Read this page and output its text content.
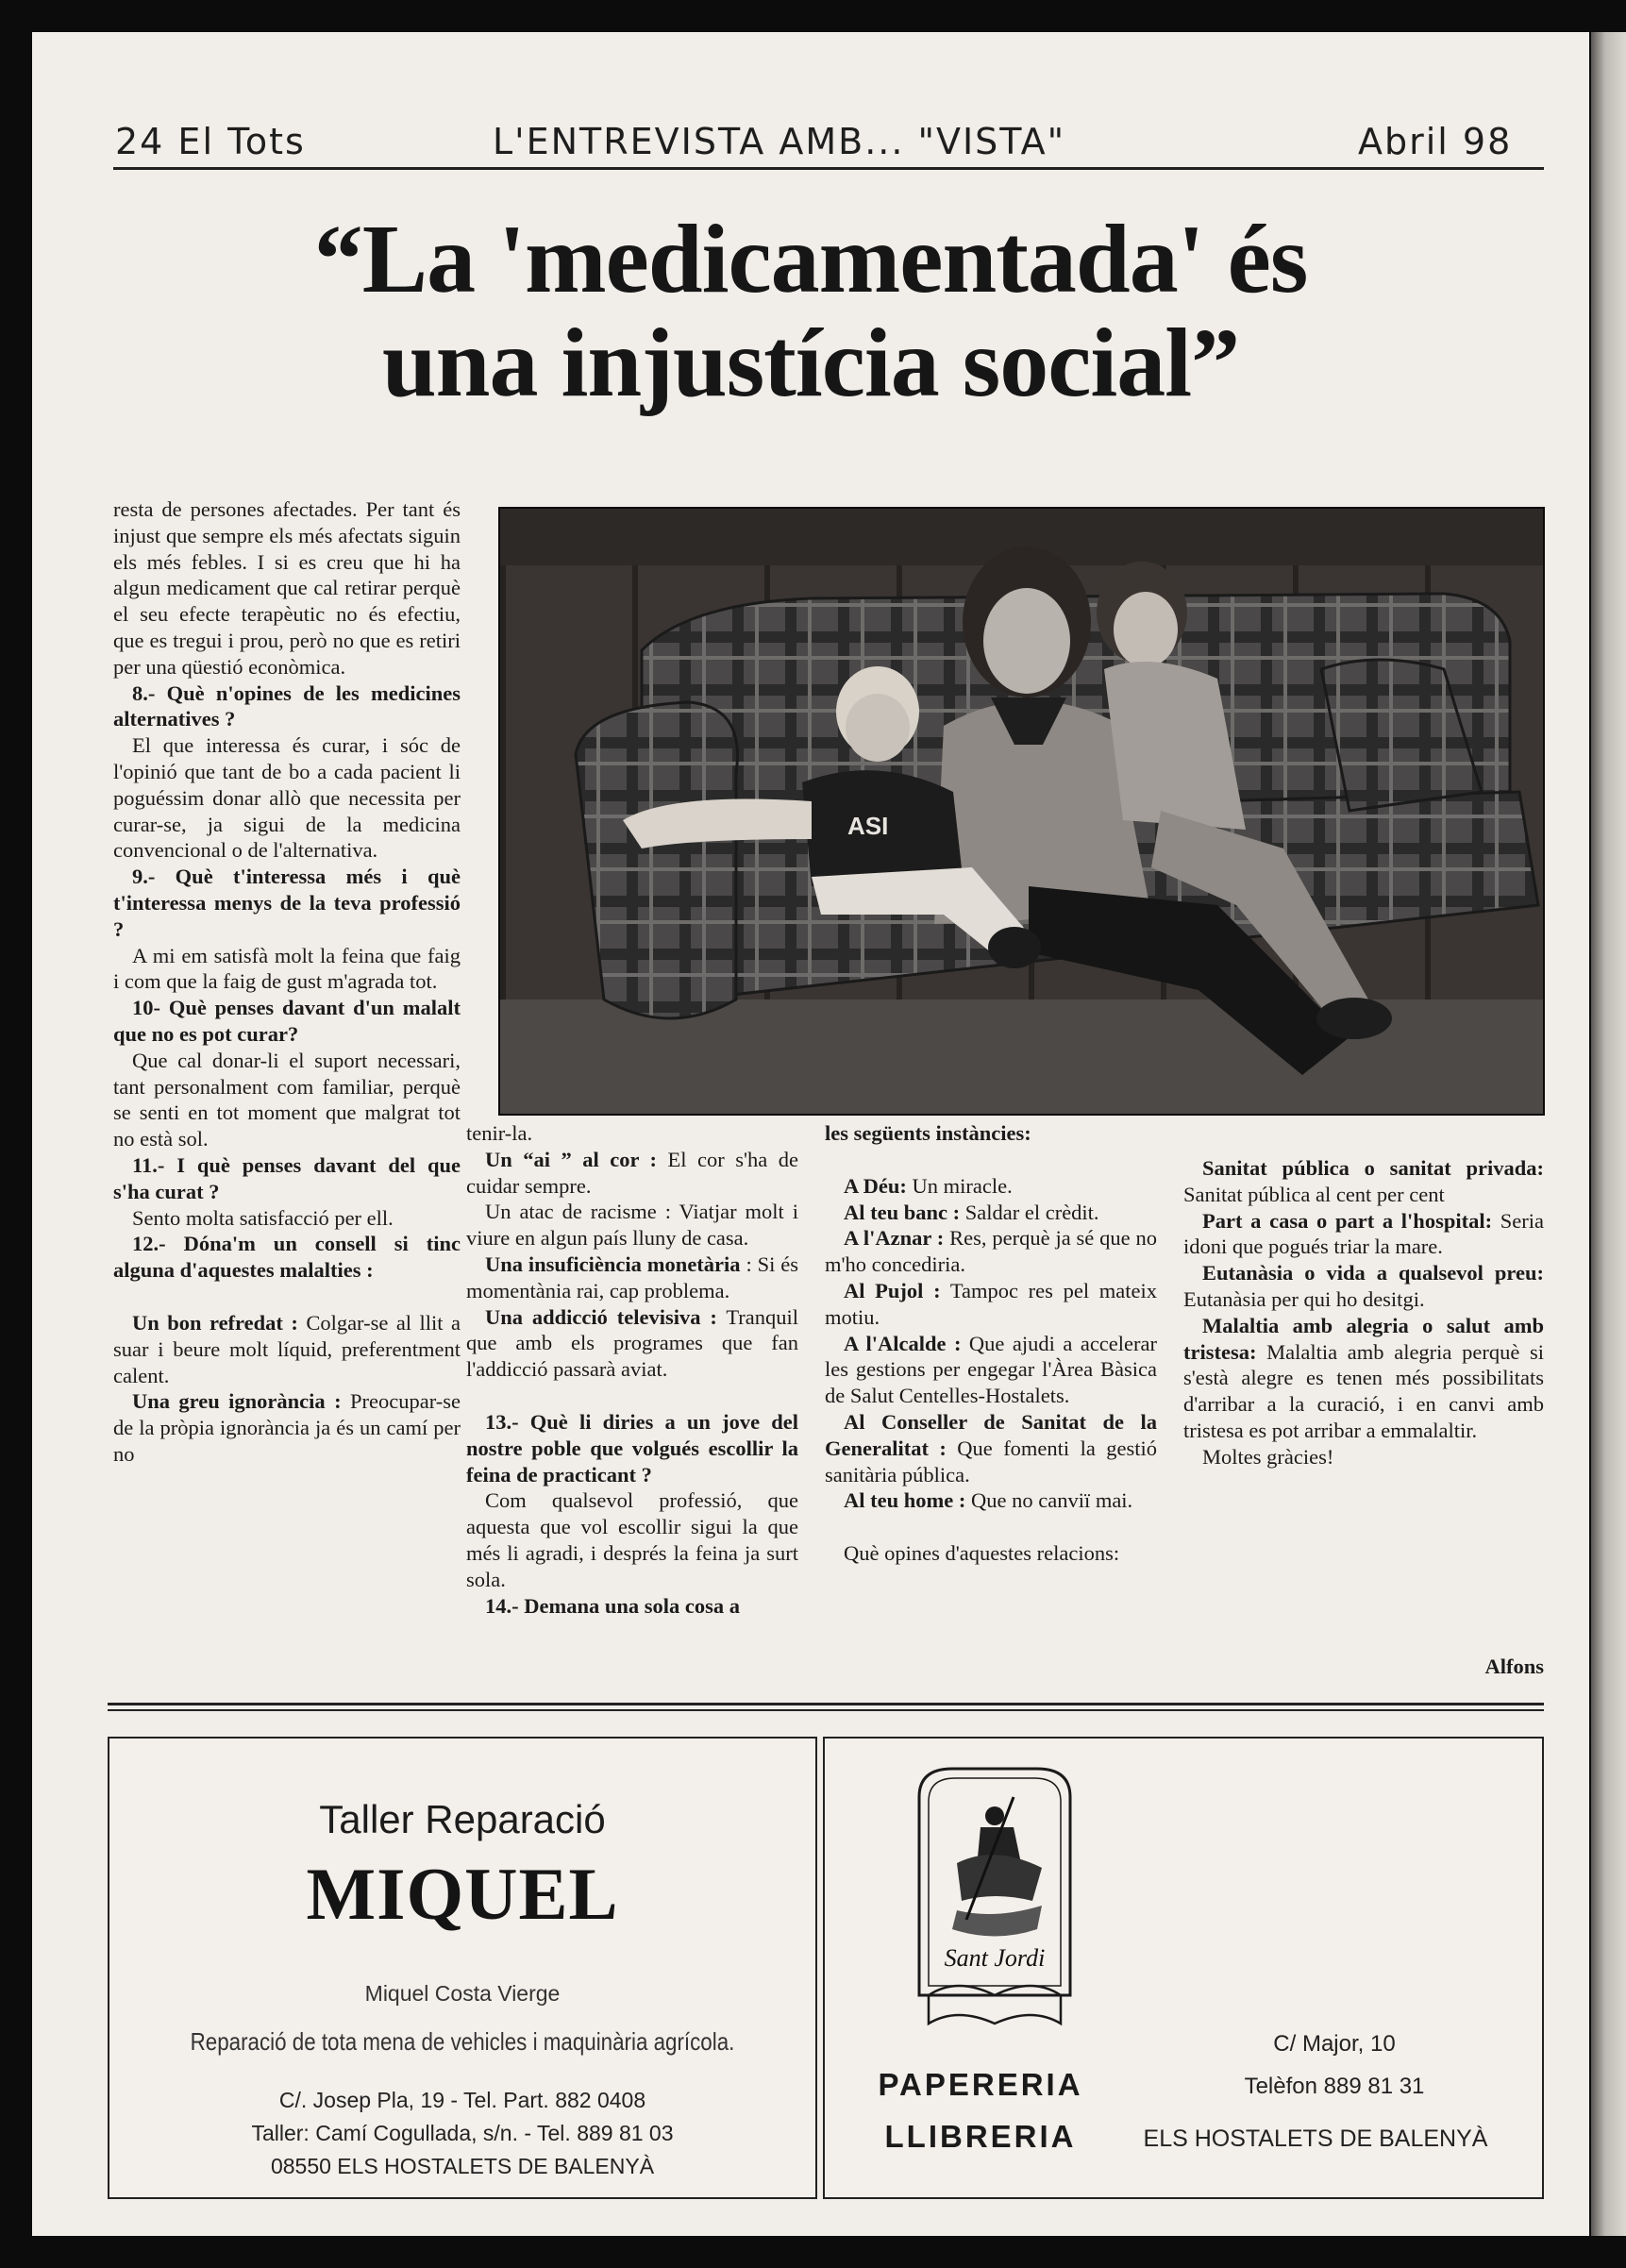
24 El Tots	L'ENTREVISTA AMB... "VISTA"	Abril 98
“La 'medicamentada' és
una injustícia social”

resta de persones afectades. Per tant és injust que sempre els més afectats siguin els més febles. I si es creu que hi ha algun medicament que cal retirar perquè el seu efecte terapèutic no és efectiu, que es tregui i prou, però no que es retiri per una qüestió econòmica.

8.- Què n'opines de les medicines alternatives ?

El que interessa és curar, i sóc de l'opinió que tant de bo a cada pacient li poguéssim donar allò que necessita per curar-se, ja sigui de la medicina convencional o de l'alternativa.

9.- Què t'interessa més i què t'interessa menys de la teva professió ?

A mi em satisfà molt la feina que faig i com que la faig de gust m'agrada tot.

10- Què penses davant d'un malalt que no es pot curar?

Que cal donar-li el suport necessari, tant personalment com familiar, perquè se senti en tot moment que malgrat tot no està sol.

11.- I què penses davant del que s'ha curat ?

Sento molta satisfacció per ell.

12.- Dóna'm un consell si tinc alguna d'aquestes malalties :

Un bon refredat : Colgar-se al llit a suar i beure molt líquid, preferentment calent.

Una greu ignorància : Preocupar-se de la pròpia ignorància ja és un camí per no

tenir-la.

Un “ai ” al cor : El cor s'ha de cuidar sempre.

Un atac de racisme : Viatjar molt i viure en algun país lluny de casa.

Una insuficiència monetària : Si és momentània rai, cap problema.

Una addicció televisiva : Tranquil que amb els programes que fan l'addicció passarà aviat.

13.- Què li diries a un jove del nostre poble que volgués escollir la feina de practicant ?

Com qualsevol professió, que aquesta que vol escollir sigui la que més li agradi, i després la feina ja surt sola.

14.- Demana una sola cosa a

les següents instàncies:

A Déu: Un miracle.

Al teu banc : Saldar el crèdit.

A l'Aznar : Res, perquè ja sé que no m'ho concediria.

Al Pujol : Tampoc res pel mateix motiu.

A l'Alcalde : Que ajudi a accelerar les gestions per engegar l'Àrea Bàsica de Salut Centelles-Hostalets.

Al Conseller de Sanitat de la Generalitat : Que fomenti la gestió sanitària pública.

Al teu home : Que no canviï mai.

Què opines d'aquestes relacions:

Sanitat pública o sanitat privada: Sanitat pública al cent per cent

Part a casa o part a l'hospital: Seria idoni que pogués triar la mare.

Eutanàsia o vida a qualsevol preu: Eutanàsia per qui ho desitgi.

Malaltia amb alegria o salut amb tristesa: Malaltia amb alegria perquè si s'està alegre es tenen més possibilitats d'arribar a la curació, i en canvi amb tristesa es pot arribar a emmalaltir.

Moltes gràcies!

Alfons
ASI
Taller Reparació
MIQUEL
Miquel Costa Vierge
Reparació de tota mena de vehicles i maquinària agrícola.
C/. Josep Pla, 19 - Tel. Part. 882 0408
Taller: Camí Cogullada, s/n. - Tel. 889 81 03
08550 ELS HOSTALETS DE BALENYÀ
Sant Jordi
PAPERERIA
LLIBRERIA
C/ Major, 10
Telèfon 889 81 31
ELS HOSTALETS DE BALENYÀ
